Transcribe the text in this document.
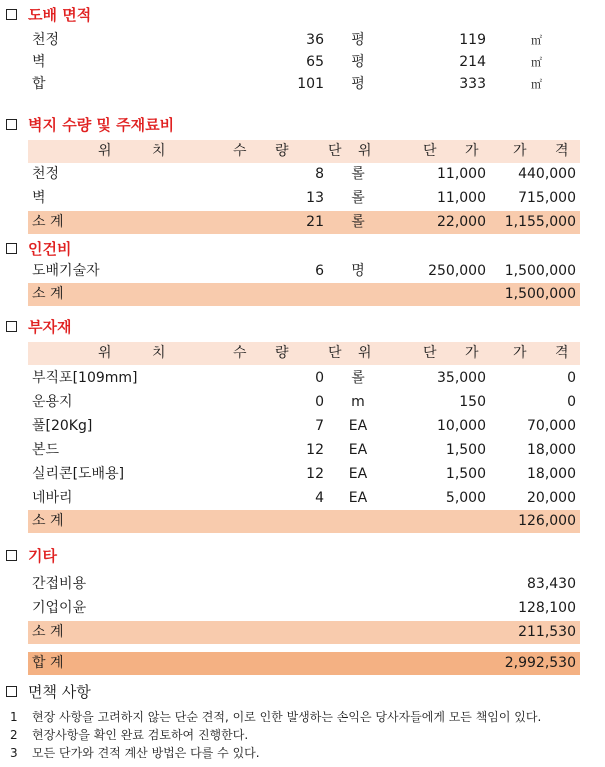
도배 면적
천정	36	평	119	㎡
벽	65	평	214	㎡
합	101	평	333	㎡
벽지 수량 및 주재료비
위 치	수 량 단 위	단 가 가 격
천정	8	롤	11,000 440,000
벽	13	롤	11,000 715,000
소 계	21	롤	22,000 1,155,000
인건비
도배기술자	6	명	250,000 1,500,000
소 계	1,500,000
부자재
위 치	수 량 단 위	단 가 가 격
부직포[109mm]	0	롤	35,000	0
운용지	0	m	150	0
풀[20Kg]	7	EA	10,000	70,000
본드	12	EA	1,500	18,000
실리콘[도배용]	12	EA	1,500	18,000
네바리	4	EA	5,000	20,000
소 계	126,000
기타
간접비용	83,430
기업이윤	128,100
소 계	211,530
합 계	2,992,530
면책 사항
1 현장 사항을 고려하지 않는 단순 견적, 이로 인한 발생하는 손익은 당사자들에게 모든 책임이 있다.
2 현장사항을 확인 완료 검토하여 진행한다.
3 모든 단가와 견적 계산 방법은 다를 수 있다.
